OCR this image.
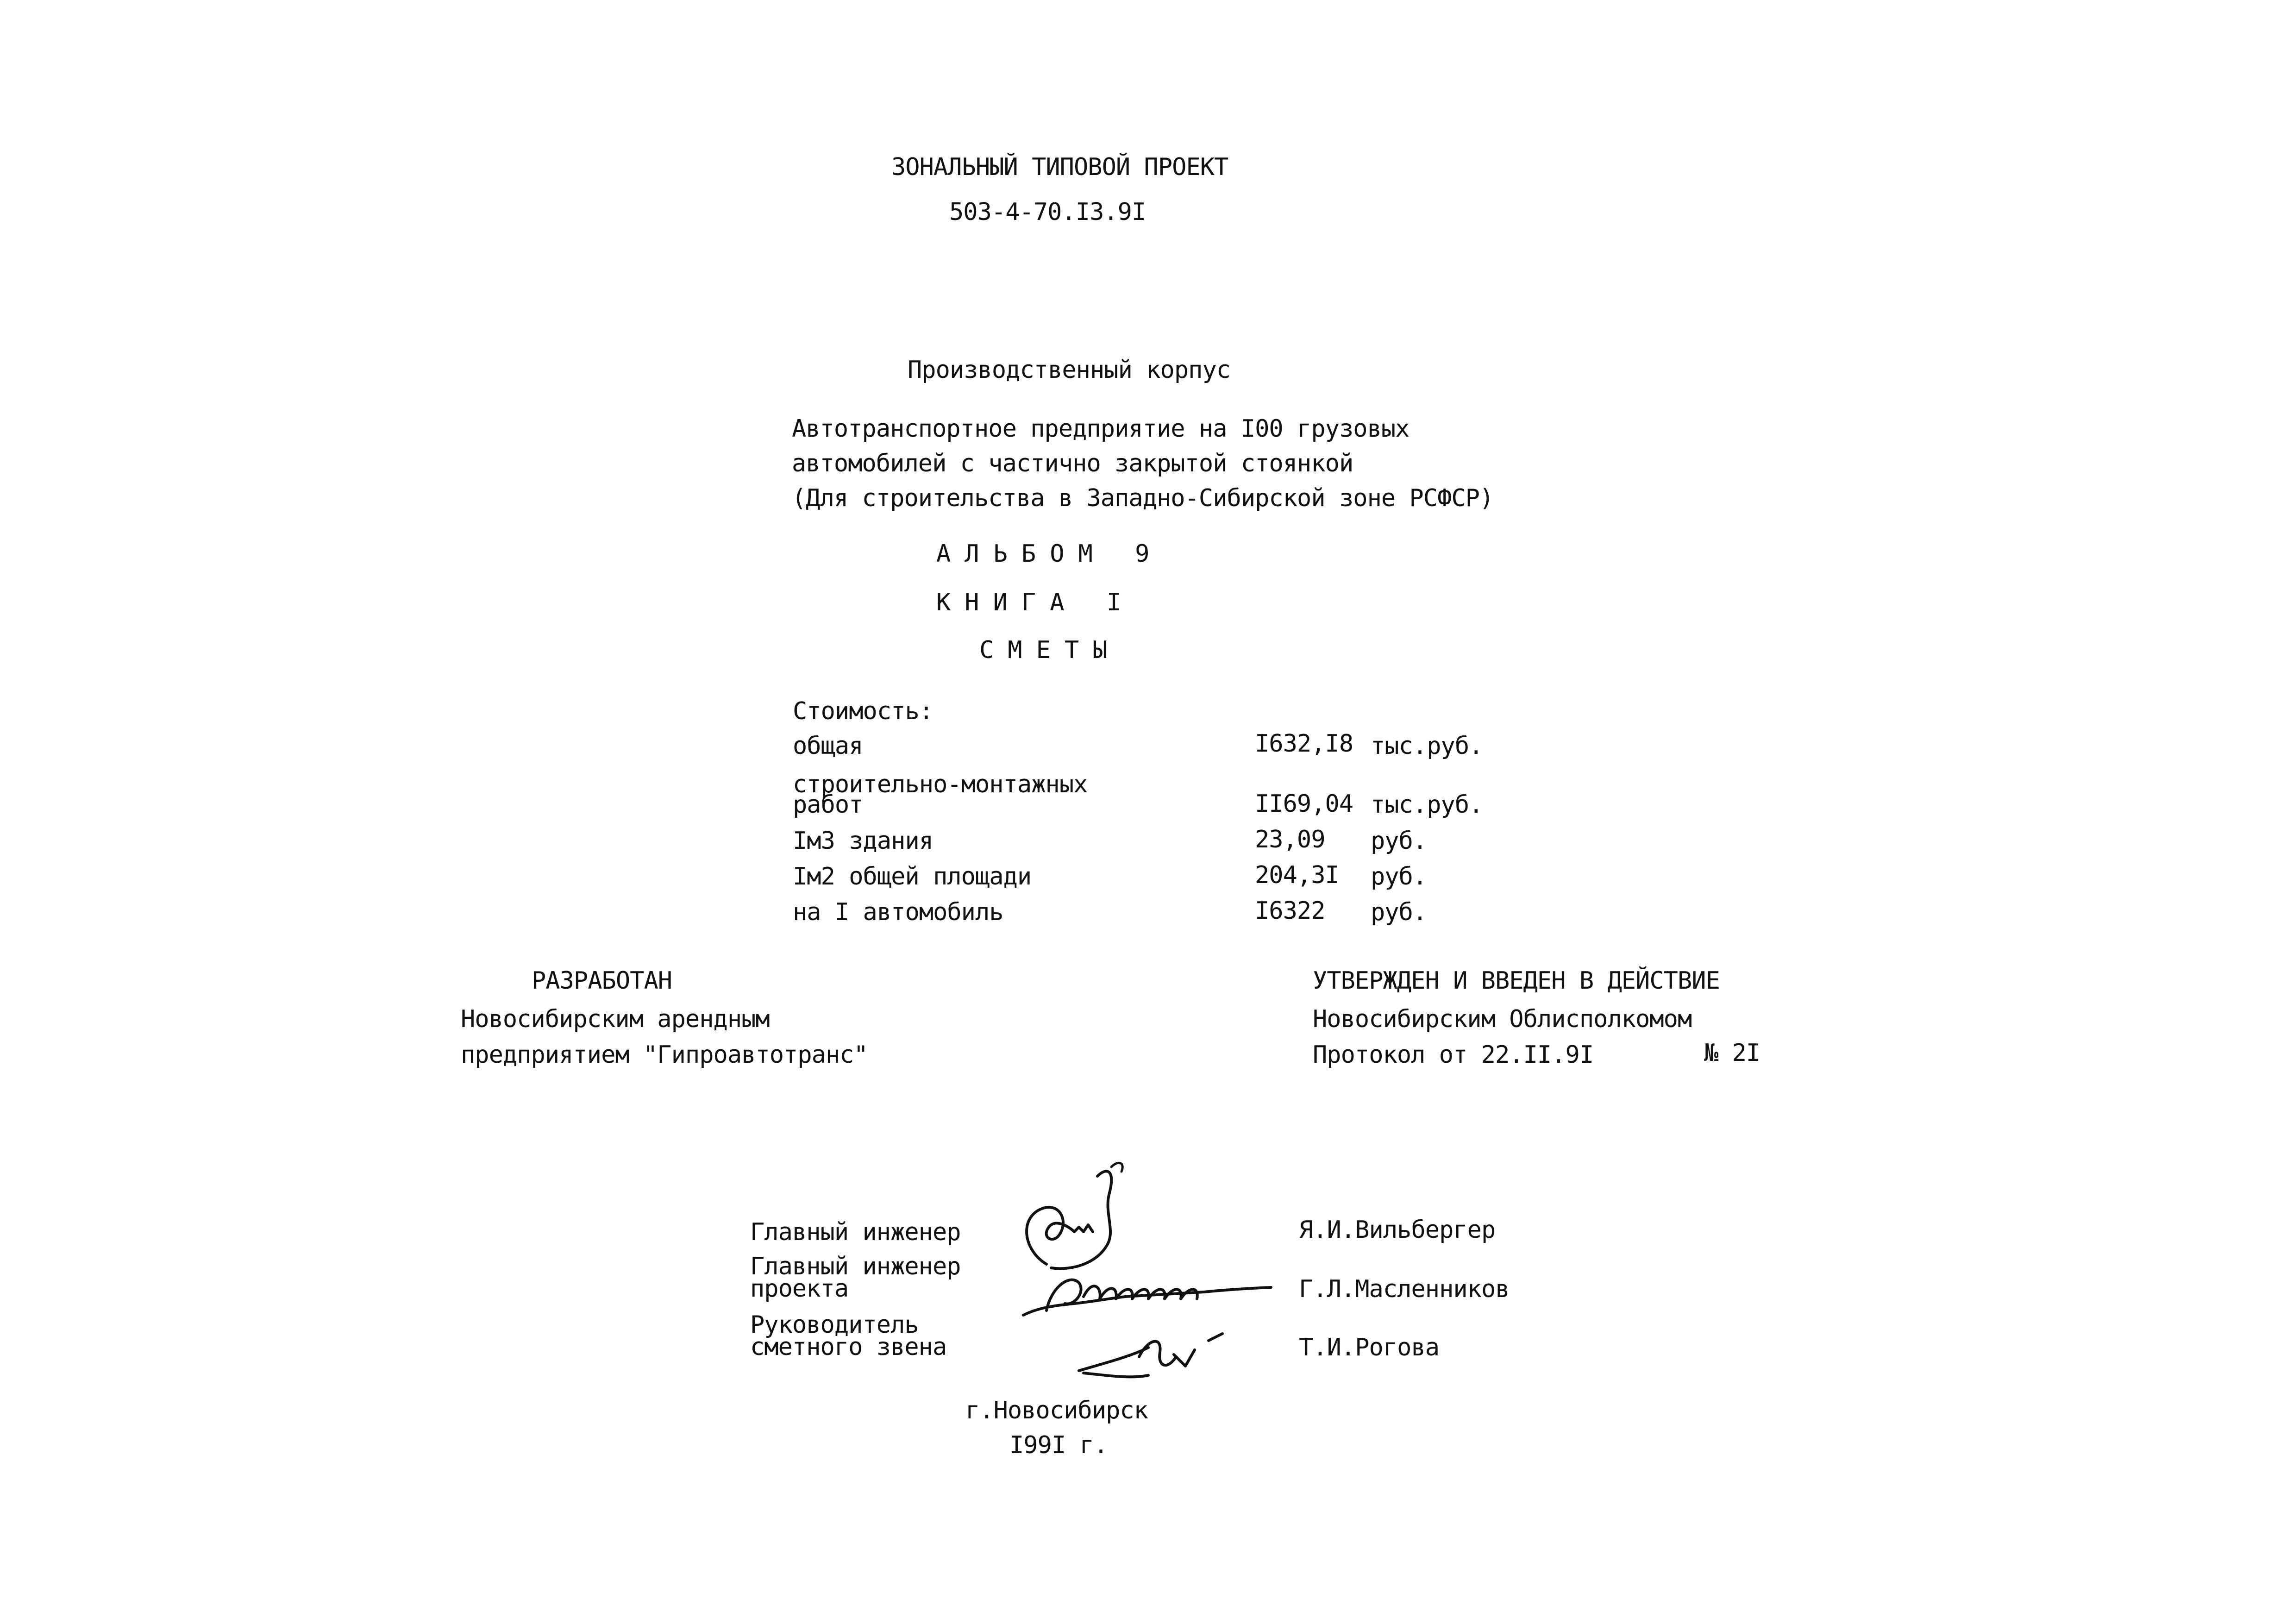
ЗОНАЛЬНЫЙ ТИПОВОЙ ПРОЕКТ
503-4-70.I3.9I
Производственный корпус
Автотранспортное предприятие на I00 грузовых
автомобилей с частично закрытой стоянкой
(Для строительства в Западно-Сибирской зоне РСФСР)
АЛЬБОМ 9
КНИГА I
СМЕТЫ
Стоимость:
общая	I632,I8 тыс.руб.
строительно-монтажных
работ	II69,04 тыс.руб.
Iм3 здания	23,09 руб.
Iм2 общей площади	204,3I руб.
на I автомобиль	I6322 руб.
РАЗРАБОТАН
Новосибирским арендным
предприятием "Гипроавтотранс"
УТВЕРЖДЕН И ВВЕДЕН В ДЕЙСТВИЕ
Новосибирским Облисполкомом
Протокол от 22.II.9I	№ 2I
Главный инженер	Я.И.Вильбергер
Главный инженер
проекта	Г.Л.Масленников
Руководитель
сметного звена	Т.И.Рогова
г.Новосибирск
I99I г.
